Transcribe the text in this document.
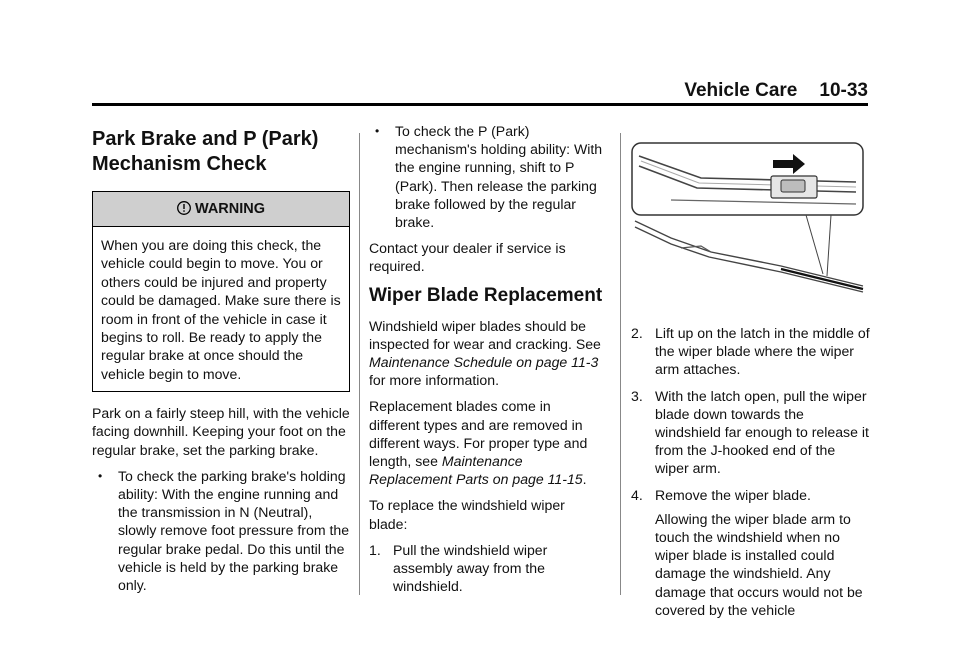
Vehicle Care 10-33
Park Brake and P (Park) Mechanism Check
WARNING
When you are doing this check, the vehicle could begin to move. You or others could be injured and property could be damaged. Make sure there is room in front of the vehicle in case it begins to roll. Be ready to apply the regular brake at once should the vehicle begin to move.

Park on a fairly steep hill, with the vehicle facing downhill. Keeping your foot on the regular brake, set the parking brake.

• To check the parking brake's holding ability: With the engine running and the transmission in N (Neutral), slowly remove foot pressure from the regular brake pedal. Do this until the vehicle is held by the parking brake only.
• To check the P (Park) mechanism's holding ability: With the engine running, shift to P (Park). Then release the parking brake followed by the regular brake.

Contact your dealer if service is required.

Wiper Blade Replacement

Windshield wiper blades should be inspected for wear and cracking. See Maintenance Schedule on page 11-3 for more information.

Replacement blades come in different types and are removed in different ways. For proper type and length, see Maintenance Replacement Parts on page 11-15.

To replace the windshield wiper blade:

1. Pull the windshield wiper assembly away from the windshield.
2. Lift up on the latch in the middle of the wiper blade where the wiper arm attaches.
3. With the latch open, pull the wiper blade down towards the windshield far enough to release it from the J-hooked end of the wiper arm.
4. Remove the wiper blade.
Allowing the wiper blade arm to touch the windshield when no wiper blade is installed could damage the windshield. Any damage that occurs would not be covered by the vehicle
